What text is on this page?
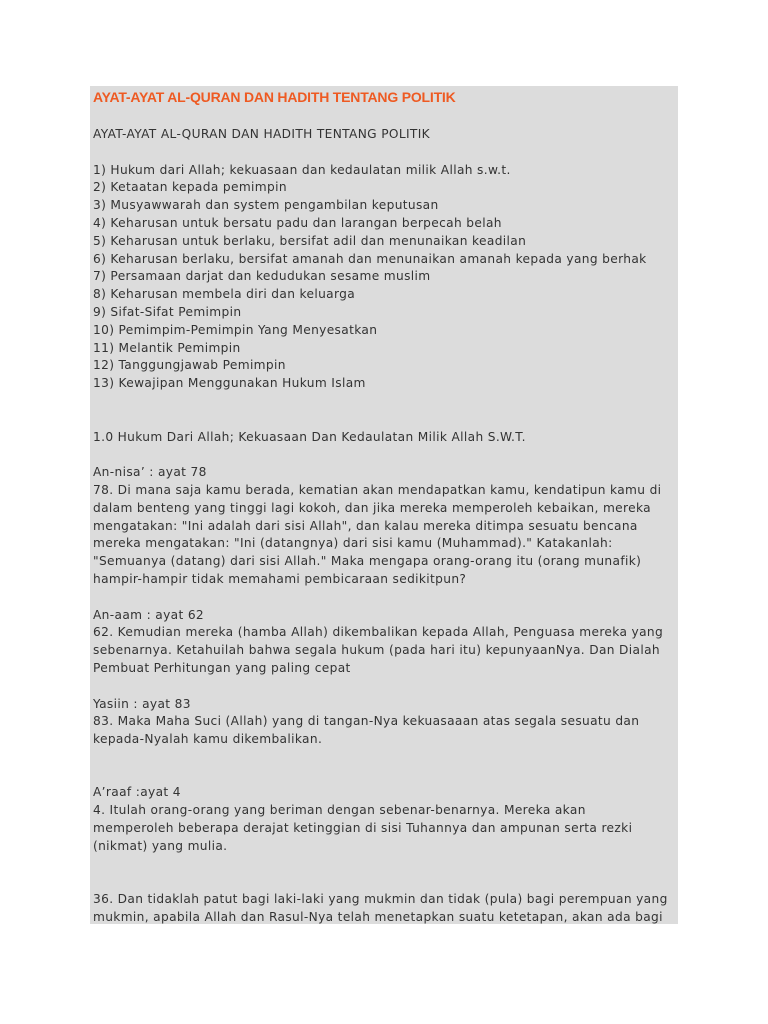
AYAT-AYAT AL-QURAN DAN HADITH TENTANG POLITIK
AYAT-AYAT AL-QURAN DAN HADITH TENTANG POLITIK
1) Hukum dari Allah; kekuasaan dan kedaulatan milik Allah s.w.t.
2) Ketaatan kepada pemimpin
3) Musyawwarah dan system pengambilan keputusan
4) Keharusan untuk bersatu padu dan larangan berpecah belah
5) Keharusan untuk berlaku, bersifat adil dan menunaikan keadilan
6) Keharusan berlaku, bersifat amanah dan menunaikan amanah kepada yang berhak
7) Persamaan darjat dan kedudukan sesame muslim
8) Keharusan membela diri dan keluarga
9) Sifat-Sifat Pemimpin
10) Pemimpim-Pemimpin Yang Menyesatkan
11) Melantik Pemimpin
12) Tanggungjawab Pemimpin
13) Kewajipan Menggunakan Hukum Islam
1.0 Hukum Dari Allah; Kekuasaan Dan Kedaulatan Milik Allah S.W.T.
An-nisa’ : ayat 78
78. Di mana saja kamu berada, kematian akan mendapatkan kamu, kendatipun kamu di
dalam benteng yang tinggi lagi kokoh, dan jika mereka memperoleh kebaikan, mereka
mengatakan: "Ini adalah dari sisi Allah", dan kalau mereka ditimpa sesuatu bencana
mereka mengatakan: "Ini (datangnya) dari sisi kamu (Muhammad)." Katakanlah:
"Semuanya (datang) dari sisi Allah." Maka mengapa orang-orang itu (orang munafik)
hampir-hampir tidak memahami pembicaraan sedikitpun?
An-aam : ayat 62
62. Kemudian mereka (hamba Allah) dikembalikan kepada Allah, Penguasa mereka yang
sebenarnya. Ketahuilah bahwa segala hukum (pada hari itu) kepunyaanNya. Dan Dialah
Pembuat Perhitungan yang paling cepat
Yasiin : ayat 83
83. Maka Maha Suci (Allah) yang di tangan-Nya kekuasaaan atas segala sesuatu dan
kepada-Nyalah kamu dikembalikan.
A’raaf :ayat 4
4. Itulah orang-orang yang beriman dengan sebenar-benarnya. Mereka akan
memperoleh beberapa derajat ketinggian di sisi Tuhannya dan ampunan serta rezki
(nikmat) yang mulia.
36. Dan tidaklah patut bagi laki-laki yang mukmin dan tidak (pula) bagi perempuan yang
mukmin, apabila Allah dan Rasul-Nya telah menetapkan suatu ketetapan, akan ada bagi
